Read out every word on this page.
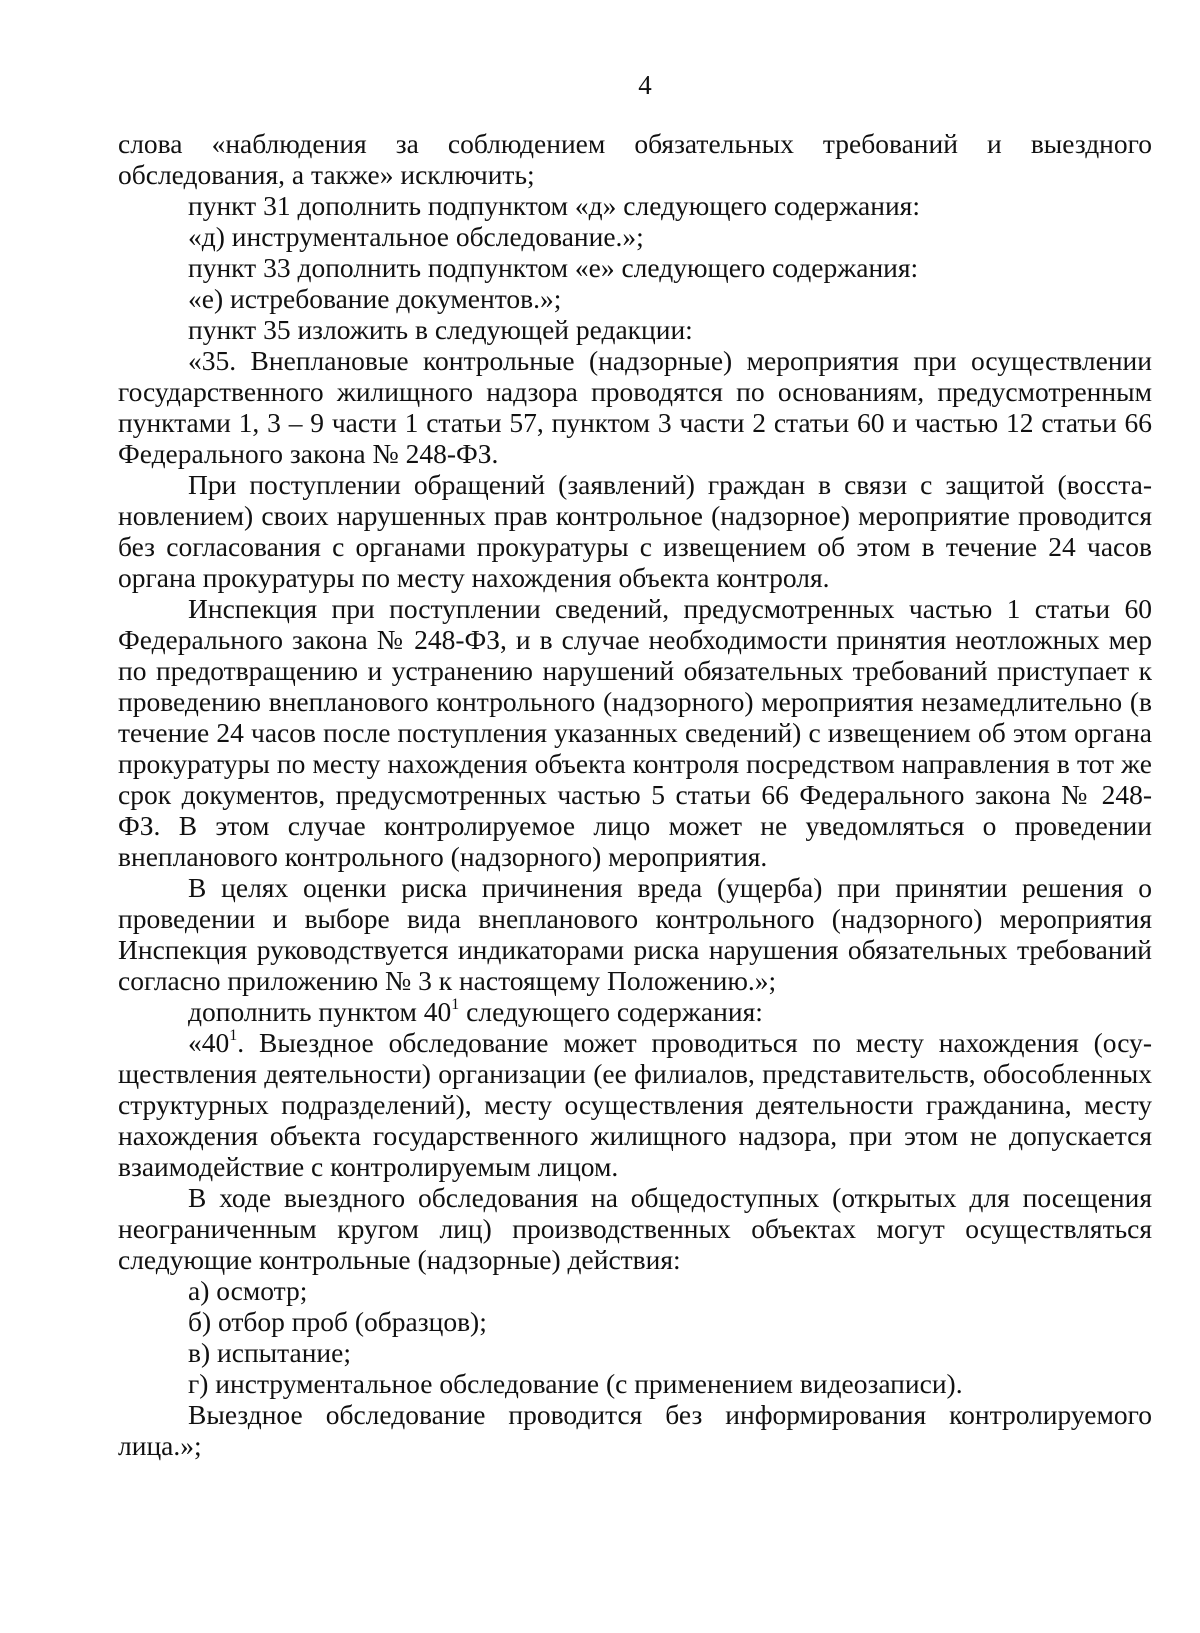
4

слова «наблюдения за соблюдением обязательных требований и выездного обследования, а также» исключить;

пункт 31 дополнить подпунктом «д» следующего содержания:

«д) инструментальное обследование.»;

пункт 33 дополнить подпунктом «е» следующего содержания:

«е) истребование документов.»;

пункт 35 изложить в следующей редакции:

«35. Внеплановые контрольные (надзорные) мероприятия при осуществлении государственного жилищного надзора проводятся по основаниям, предусмотренным пунктами 1, 3 – 9 части 1 статьи 57, пунктом 3 части 2 статьи 60 и частью 12 статьи 66 Федерального закона № 248-ФЗ.

При поступлении обращений (заявлений) граждан в связи с защитой (восстановлением) своих нарушенных прав контрольное (надзорное) мероприятие проводится без согласования с органами прокуратуры с извещением об этом в течение 24 часов органа прокуратуры по месту нахождения объекта контроля.

Инспекция при поступлении сведений, предусмотренных частью 1 статьи 60 Федерального закона № 248-ФЗ, и в случае необходимости принятия неотложных мер по предотвращению и устранению нарушений обязательных требований приступает к проведению внепланового контрольного (надзорного) мероприятия незамедлительно (в течение 24 часов после поступления указанных сведений) с извещением об этом органа прокуратуры по месту нахождения объекта контроля посредством направления в тот же срок документов, предусмотренных частью 5 статьи 66 Федерального закона № 248-ФЗ. В этом случае контролируемое лицо может не уведомляться о проведении внепланового контрольного (надзорного) мероприятия.

В целях оценки риска причинения вреда (ущерба) при принятии решения о проведении и выборе вида внепланового контрольного (надзорного) мероприятия Инспекция руководствуется индикаторами риска нарушения обязательных требований согласно приложению № 3 к настоящему Положению.»;

дополнить пунктом $40^1$ следующего содержания:

«$40^1$. Выездное обследование может проводиться по месту нахождения (осуществления деятельности) организации (ее филиалов, представительств, обособленных структурных подразделений), месту осуществления деятельности гражданина, месту нахождения объекта государственного жилищного надзора, при этом не допускается взаимодействие с контролируемым лицом.

В ходе выездного обследования на общедоступных (открытых для посещения неограниченным кругом лиц) производственных объектах могут осуществляться следующие контрольные (надзорные) действия:

а) осмотр;

б) отбор проб (образцов);

в) испытание;

г) инструментальное обследование (с применением видеозаписи).

Выездное обследование проводится без информирования контролируемого лица.»;
